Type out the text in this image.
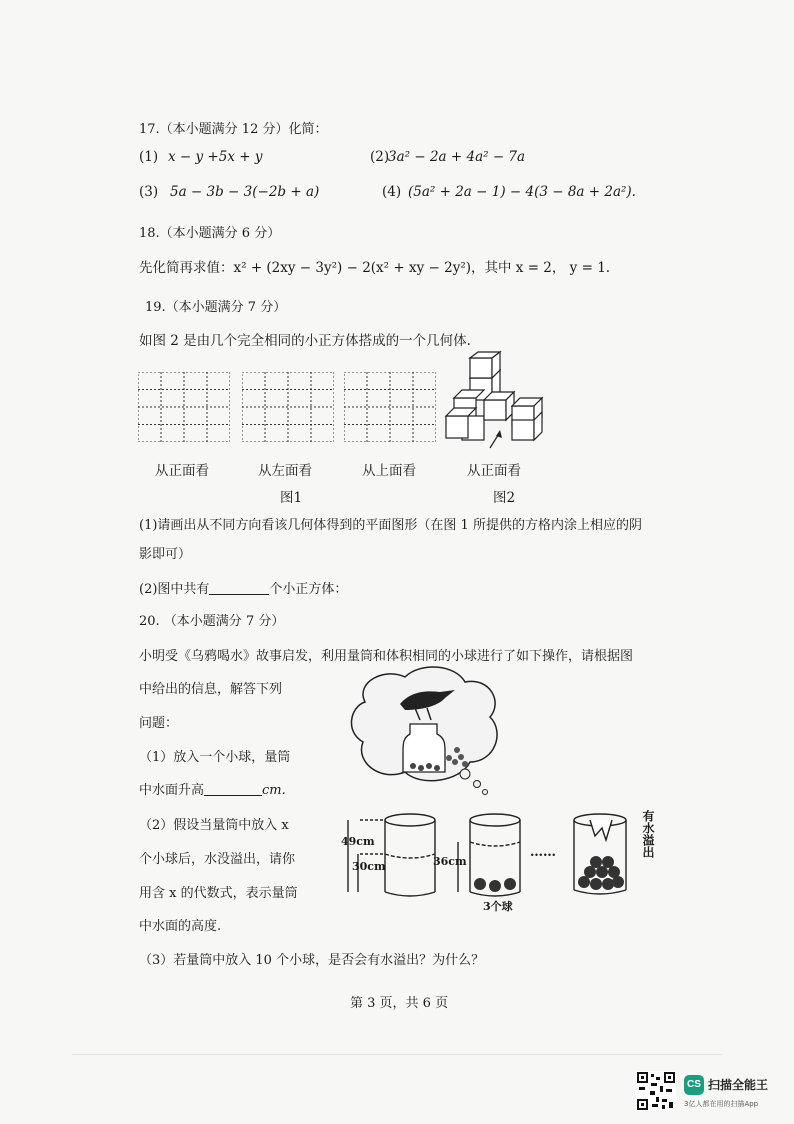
17.（本小题满分 12 分）化简：
(1) x − y +5x + y	(2)
3a² − 2a + 4a² − 7a
(3) 5a − 3b − 3(−2b + a)	(4) (5a² + 2a − 1) − 4(3 − 8a + 2a²).
18.（本小题满分 6 分）
先化简再求值：x² + (2xy − 3y²) − 2(x² + xy − 2y²)，其中 x = 2， y = 1.
19.（本小题满分 7 分）
如图 2 是由几个完全相同的小正方体搭成的一个几何体.
从正面看	从左面看	从上面看	从正面看
图1	图2
(1)请画出从不同方向看该几何体得到的平面图形（在图 1 所提供的方格内涂上相应的阴
影即可）
(2)图中共有	个小正方体：
20. （本小题满分 7 分）
小明受《乌鸦喝水》故事启发，利用量筒和体积相同的小球进行了如下操作，请根据图
中给出的信息，解答下列
问题：
（1）放入一个小球，量筒
中水面升高	cm.
（2）假设当量筒中放入 x
个小球后，水没溢出，请你
用含 x 的代数式，表示量筒
中水面的高度.
（3）若量筒中放入 10 个小球，是否会有水溢出？为什么？
49cm
30cm	36cm
3个球
……	有水溢出
第 3 页，共 6 页
CS 扫描全能王
3亿人都在用的扫描App
